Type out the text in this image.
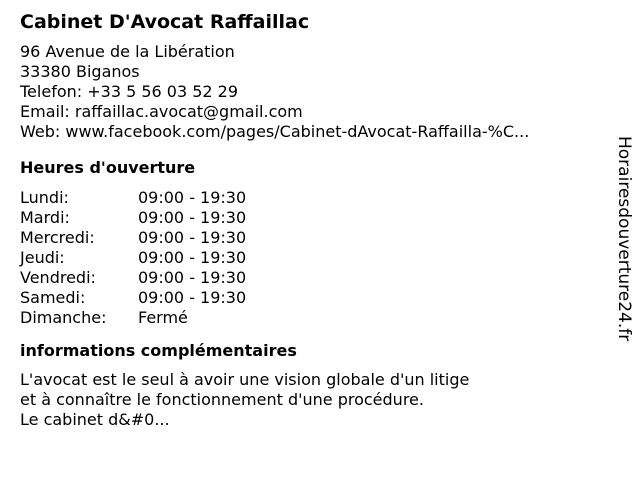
Cabinet D'Avocat Raffaillac
96 Avenue de la Libération
33380 Biganos
Telefon: +33 5 56 03 52 29
Email: raffaillac.avocat@gmail.com
Web: www.facebook.com/pages/Cabinet-dAvocat-Raffailla-%C...
Heures d'ouverture
Lundi:	09:00 - 19:30
Mardi:	09:00 - 19:30
Mercredi:	09:00 - 19:30
Jeudi:	09:00 - 19:30
Vendredi:	09:00 - 19:30
Samedi:	09:00 - 19:30
Dimanche:	Fermé
informations complémentaires
L'avocat est le seul à avoir une vision globale d'un litige
et à connaître le fonctionnement d'une procédure.
Le cabinet d&#0...
Horairesdouverture24.fr
